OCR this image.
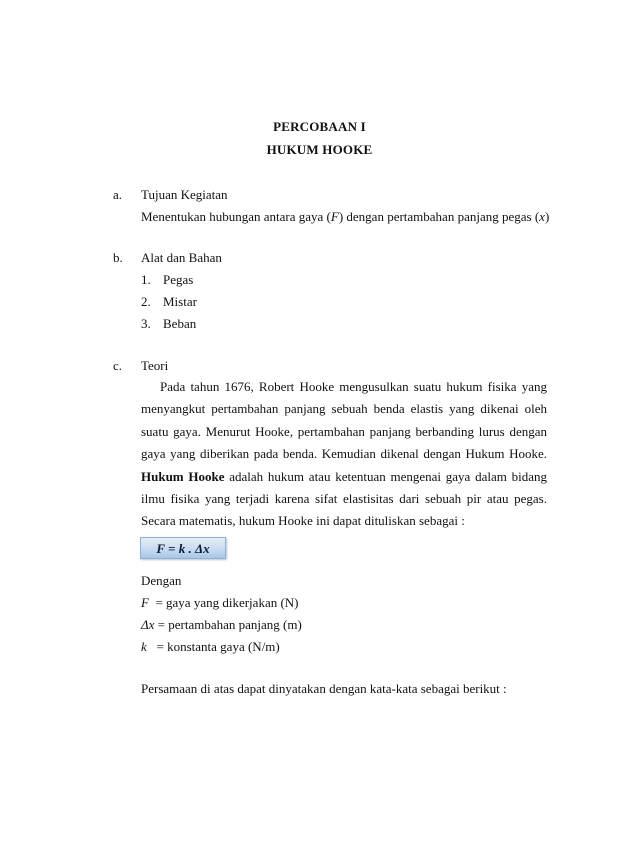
PERCOBAAN I
HUKUM HOOKE
a. Tujuan Kegiatan
Menentukan hubungan antara gaya (F) dengan pertambahan panjang pegas (x)
b. Alat dan Bahan
1. Pegas
2. Mistar
3. Beban
c. Teori
Pada tahun 1676, Robert Hooke mengusulkan suatu hukum fisika yang menyangkut pertambahan panjang sebuah benda elastis yang dikenai oleh suatu gaya. Menurut Hooke, pertambahan panjang berbanding lurus dengan gaya yang diberikan pada benda. Kemudian dikenal dengan Hukum Hooke. Hukum Hooke adalah hukum atau ketentuan mengenai gaya dalam bidang ilmu fisika yang terjadi karena sifat elastisitas dari sebuah pir atau pegas. Secara matematis, hukum Hooke ini dapat dituliskan sebagai :
F = k . Δx
Dengan
F  = gaya yang dikerjakan (N)
Δx = pertambahan panjang (m)
k   = konstanta gaya (N/m)
Persamaan di atas dapat dinyatakan dengan kata-kata sebagai berikut :
